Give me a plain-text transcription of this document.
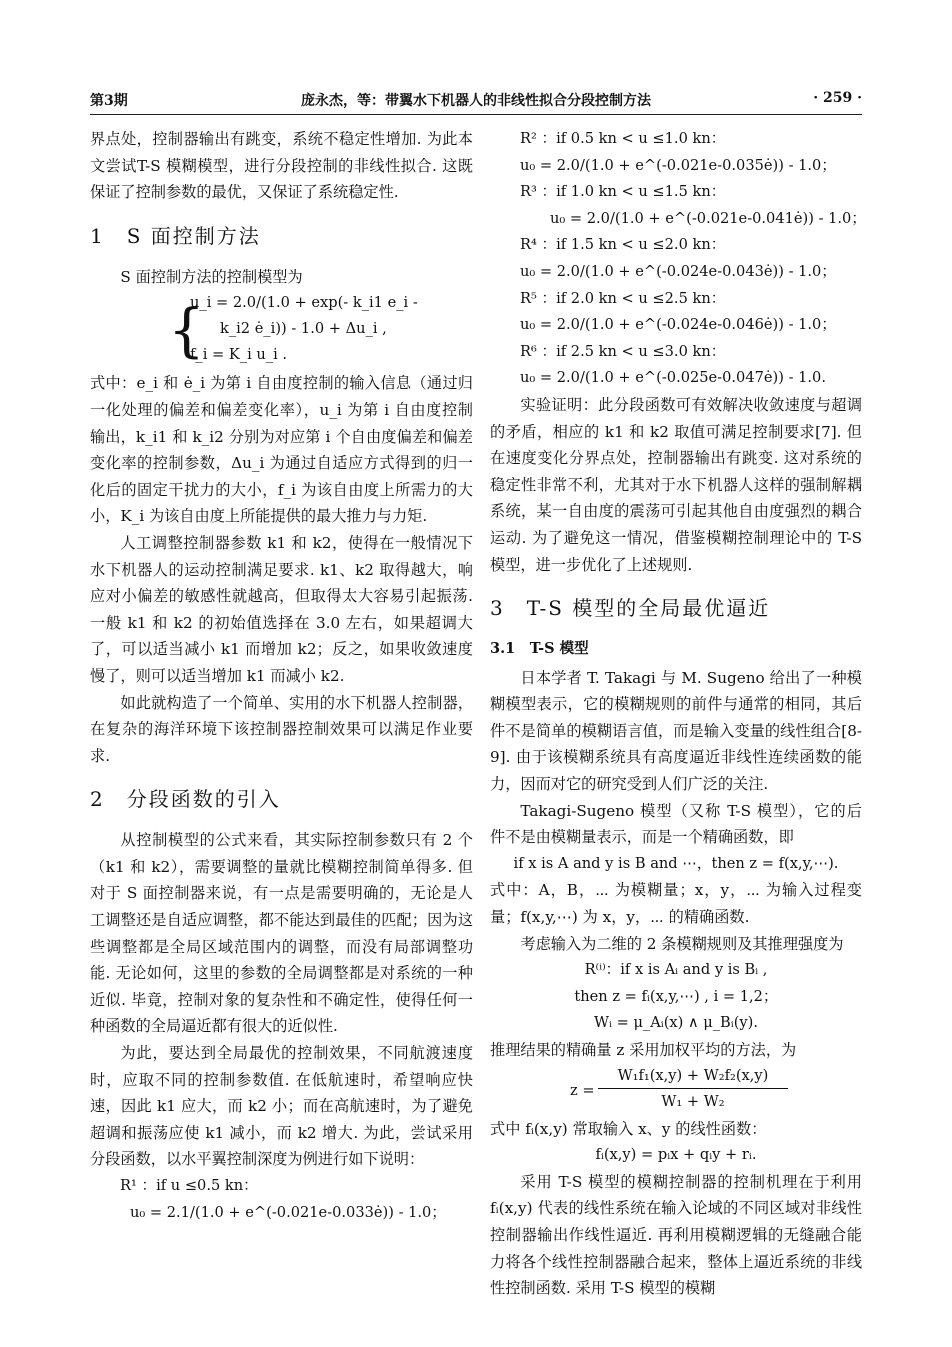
第3期	庞永杰，等：带翼水下机器人的非线性拟合分段控制方法	· 259 ·

界点处，控制器输出有跳变，系统不稳定性增加. 为此本文尝试T-S 模糊模型，进行分段控制的非线性拟合. 这既保证了控制参数的最优，又保证了系统稳定性.

1　S 面控制方法

S 面控制方法的控制模型为

{
u_i = 2.0/(1.0 + exp(- k_i1 e_i -
k_i2 ė_i)) - 1.0 + Δu_i ,
f_i = K_i u_i .

式中：e_i 和 ė_i 为第 i 自由度控制的输入信息（通过归一化处理的偏差和偏差变化率），u_i 为第 i 自由度控制输出，k_i1 和 k_i2 分别为对应第 i 个自由度偏差和偏差变化率的控制参数，Δu_i 为通过自适应方式得到的归一化后的固定干扰力的大小，f_i 为该自由度上所需力的大小，K_i 为该自由度上所能提供的最大推力与力矩.

人工调整控制器参数 k1 和 k2，使得在一般情况下水下机器人的运动控制满足要求. k1、k2 取得越大，响应对小偏差的敏感性就越高，但取得太大容易引起振荡. 一般 k1 和 k2 的初始值选择在 3.0 左右，如果超调大了，可以适当减小 k1 而增加 k2；反之，如果收敛速度慢了，则可以适当增加 k1 而减小 k2.

如此就构造了一个简单、实用的水下机器人控制器，在复杂的海洋环境下该控制器控制效果可以满足作业要求.

2　分段函数的引入

从控制模型的公式来看，其实际控制参数只有 2 个（k1 和 k2），需要调整的量就比模糊控制简单得多. 但对于 S 面控制器来说，有一点是需要明确的，无论是人工调整还是自适应调整，都不能达到最佳的匹配；因为这些调整都是全局区域范围内的调整，而没有局部调整功能. 无论如何，这里的参数的全局调整都是对系统的一种近似. 毕竟，控制对象的复杂性和不确定性，使得任何一种函数的全局逼近都有很大的近似性.

为此，要达到全局最优的控制效果，不同航渡速度时，应取不同的控制参数值. 在低航速时，希望响应快速，因此 k1 应大，而 k2 小；而在高航速时，为了避免超调和振荡应使 k1 减小，而 k2 增大. 为此，尝试采用分段函数，以水平翼控制深度为例进行如下说明：

R¹ ：if u ≤0.5 kn：
u₀ = 2.1/(1.0 + e^(-0.021e-0.033ė)) - 1.0；
R² ：if 0.5 kn < u ≤1.0 kn：
u₀ = 2.0/(1.0 + e^(-0.021e-0.035ė)) - 1.0；
R³ ：if 1.0 kn < u ≤1.5 kn：
u₀ = 2.0/(1.0 + e^(-0.021e-0.041ė)) - 1.0；
R⁴ ：if 1.5 kn < u ≤2.0 kn：
u₀ = 2.0/(1.0 + e^(-0.024e-0.043ė)) - 1.0；
R⁵ ：if 2.0 kn < u ≤2.5 kn：
u₀ = 2.0/(1.0 + e^(-0.024e-0.046ė)) - 1.0；
R⁶ ：if 2.5 kn < u ≤3.0 kn：
u₀ = 2.0/(1.0 + e^(-0.025e-0.047ė)) - 1.0.

实验证明：此分段函数可有效解决收敛速度与超调的矛盾，相应的 k1 和 k2 取值可满足控制要求[7]. 但在速度变化分界点处，控制器输出有跳变. 这对系统的稳定性非常不利，尤其对于水下机器人这样的强制解耦系统，某一自由度的震荡可引起其他自由度强烈的耦合运动. 为了避免这一情况，借鉴模糊控制理论中的 T-S 模型，进一步优化了上述规则.

3　T-S 模型的全局最优逼近
3.1　T-S 模型

日本学者 T. Takagi 与 M. Sugeno 给出了一种模糊模型表示，它的模糊规则的前件与通常的相同，其后件不是简单的模糊语言值，而是输入变量的线性组合[8-9]. 由于该模糊系统具有高度逼近非线性连续函数的能力，因而对它的研究受到人们广泛的关注.

Takagi-Sugeno 模型（又称 T-S 模型），它的后件不是由模糊量表示，而是一个精确函数，即

if x is A and y is B and ⋯，then z = f(x,y,⋯).

式中：A，B，⋯ 为模糊量；x，y，⋯ 为输入过程变量；f(x,y,⋯) 为 x，y，⋯ 的精确函数.

考虑输入为二维的 2 条模糊规则及其推理强度为

R⁽ⁱ⁾：if x is Aᵢ and y is Bᵢ ,
then z = fᵢ(x,y,⋯) , i = 1,2；
Wᵢ = μ_Aᵢ(x) ∧ μ_Bᵢ(y).

推理结果的精确量 z 采用加权平均的方法，为

z =
W₁f₁(x,y) + W₂f₂(x,y)
W₁ + W₂

式中 fᵢ(x,y) 常取输入 x、y 的线性函数：

fᵢ(x,y) = pᵢx + qᵢy + rᵢ.

采用 T-S 模型的模糊控制器的控制机理在于利用 fᵢ(x,y) 代表的线性系统在输入论域的不同区域对非线性控制器输出作线性逼近. 再利用模糊逻辑的无缝融合能力将各个线性控制器融合起来，整体上逼近系统的非线性控制函数. 采用 T-S 模型的模糊
